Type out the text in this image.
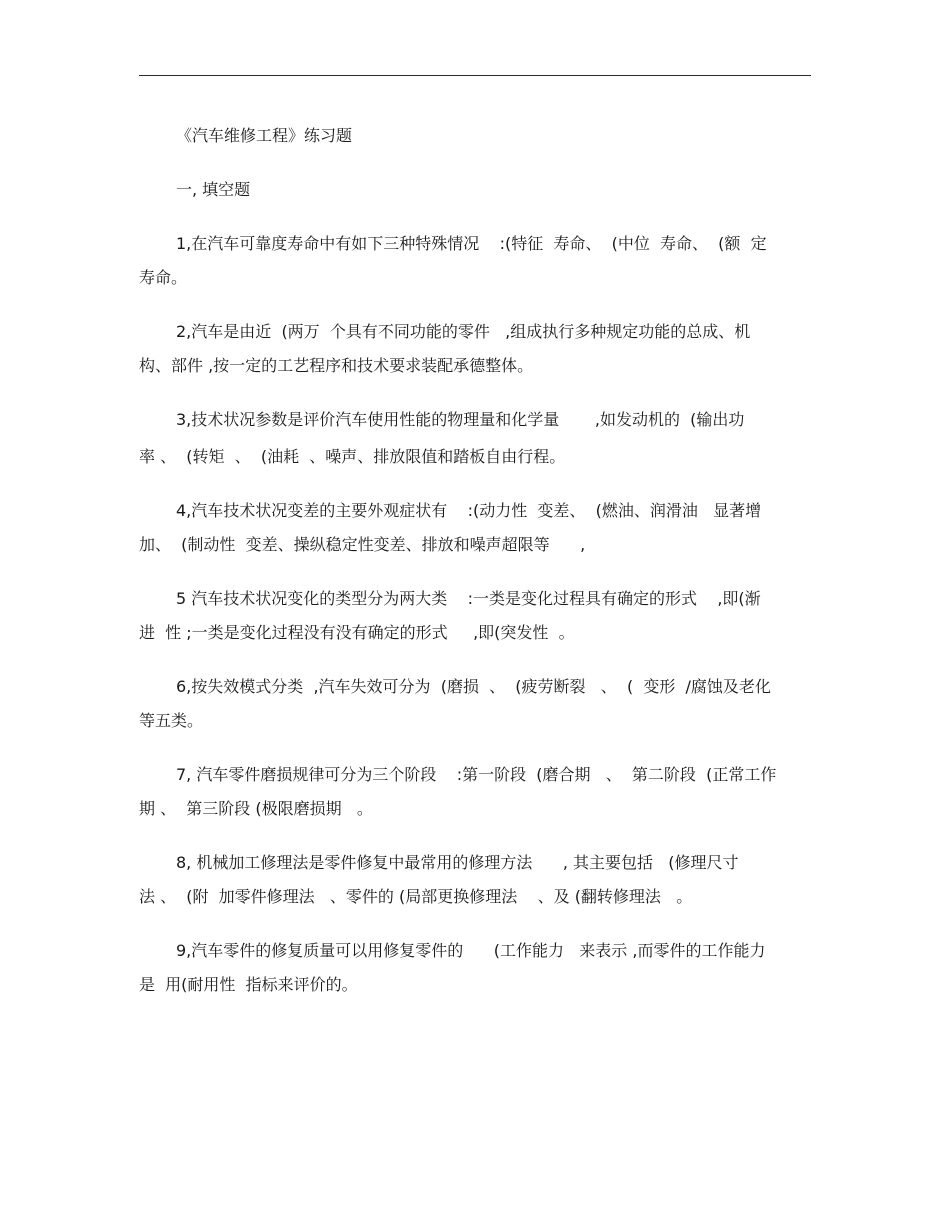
《汽车维修工程》练习题
一, 填空题
1,在汽车可靠度寿命中有如下三种特殊情况    :(特征  寿命、  (中位  寿命、  (额  定
寿命。
2,汽车是由近  (两万  个具有不同功能的零件   ,组成执行多种规定功能的总成、机
构、部件 ,按一定的工艺程序和技术要求装配承德整体。
3,技术状况参数是评价汽车使用性能的物理量和化学量       ,如发动机的  (输出功
率 、  (转矩  、  (油耗  、噪声、排放限值和踏板自由行程。
4,汽车技术状况变差的主要外观症状有    :(动力性  变差、  (燃油、润滑油   显著增
加、  (制动性  变差、操纵稳定性变差、排放和噪声超限等      ,
5 汽车技术状况变化的类型分为两大类    :一类是变化过程具有确定的形式    ,即(渐
进  性 ;一类是变化过程没有没有确定的形式     ,即(突发性  。
6,按失效模式分类  ,汽车失效可分为  (磨损  、  (疲劳断裂   、  (  变形  /腐蚀及老化
等五类。
7, 汽车零件磨损规律可分为三个阶段    :第一阶段  (磨合期   、  第二阶段  (正常工作
期 、  第三阶段 (极限磨损期   。
8, 机械加工修理法是零件修复中最常用的修理方法      , 其主要包括   (修理尺寸
法 、  (附  加零件修理法   、零件的 (局部更换修理法    、及 (翻转修理法   。
9,汽车零件的修复质量可以用修复零件的      (工作能力   来表示 ,而零件的工作能力
是  用(耐用性  指标来评价的。
